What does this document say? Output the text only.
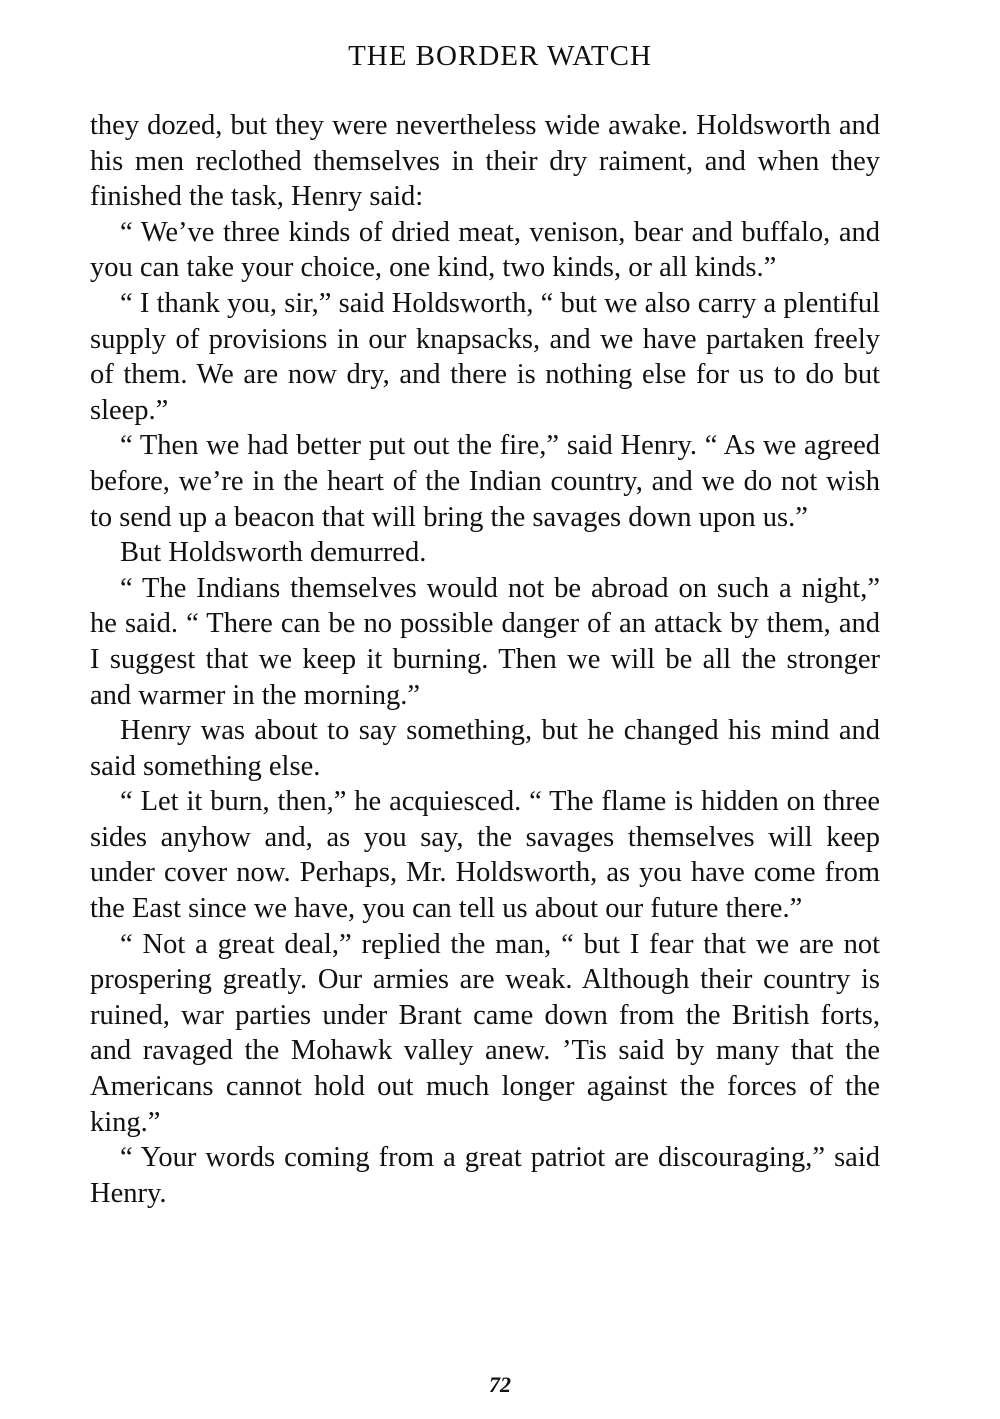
THE BORDER WATCH

they dozed, but they were nevertheless wide awake. Holdsworth and his men reclothed themselves in their dry raiment, and when they finished the task, Henry said:

“ We’ve three kinds of dried meat, venison, bear and buffalo, and you can take your choice, one kind, two kinds, or all kinds.”

“ I thank you, sir,” said Holdsworth, “ but we also carry a plentiful supply of provisions in our knapsacks, and we have partaken freely of them. We are now dry, and there is nothing else for us to do but sleep.”

“ Then we had better put out the fire,” said Henry. “ As we agreed before, we’re in the heart of the Indian country, and we do not wish to send up a beacon that will bring the savages down upon us.”

But Holdsworth demurred.

“ The Indians themselves would not be abroad on such a night,” he said. “ There can be no possible danger of an attack by them, and I suggest that we keep it burning. Then we will be all the stronger and warmer in the morning.”

Henry was about to say something, but he changed his mind and said something else.

“ Let it burn, then,” he acquiesced. “ The flame is hidden on three sides anyhow and, as you say, the savages themselves will keep under cover now. Perhaps, Mr. Holdsworth, as you have come from the East since we have, you can tell us about our future there.”

“ Not a great deal,” replied the man, “ but I fear that we are not prospering greatly. Our armies are weak. Although their country is ruined, war parties under Brant came down from the British forts, and ravaged the Mohawk valley anew. ’Tis said by many that the Americans cannot hold out much longer against the forces of the king.”

“ Your words coming from a great patriot are discouraging,” said Henry.

72
